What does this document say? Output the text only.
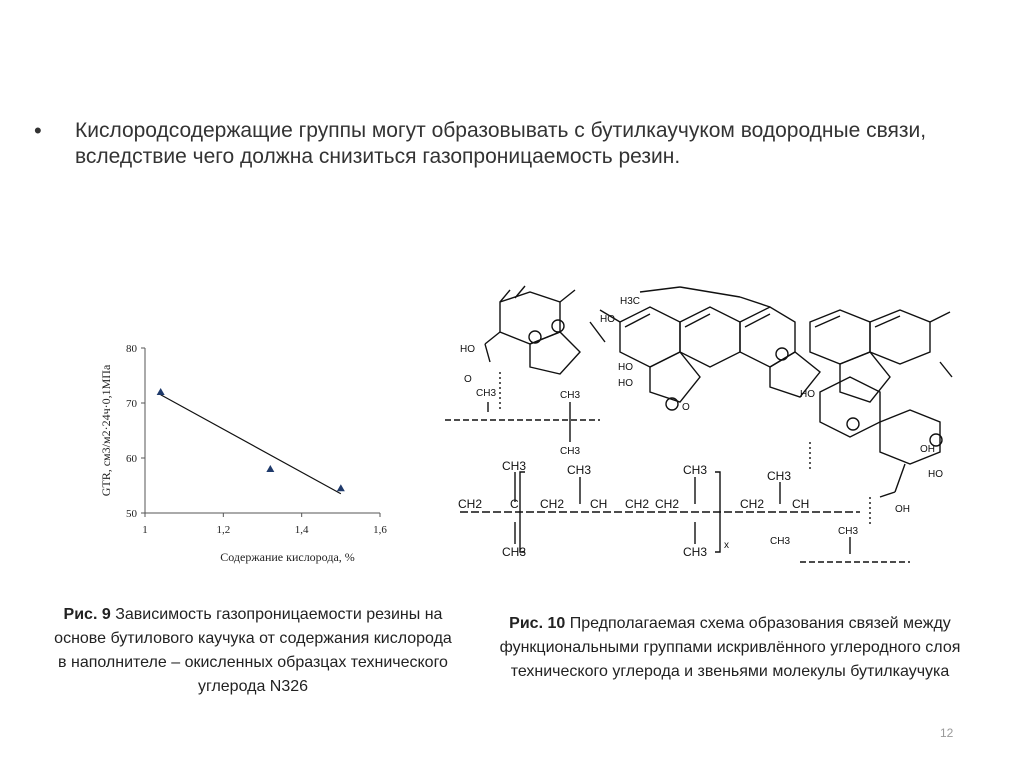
• Кислородсодержащие группы могут образовывать с бутилкаучуком водородные связи, вследствие чего должна снизиться газопроницаемость резин.
50
60
70
80
1	1,2	1,4	1,6
Содержание кислорода, %
GTR, см3/м2·24ч·0,1МПа
Рис. 9 Зависимость газопроницаемости резины на основе бутилового каучука от содержания кислорода в наполнителе – окисленных образцах технического углерода N326
HO
HO
H3C
HO
HO
HO
HO
OH
O
O
OH
CH3	CH3
CH3
CH3
CH3
CH3	CH3
CH3
CH3
CH3
CH3
CH2 C	CH
CH2	CH2 CH2	CH
CH2
x
Рис. 10 Предполагаемая схема образования связей между функциональными группами искривлённого углеродного слоя технического углерода и звеньями молекулы бутилкаучука
12
